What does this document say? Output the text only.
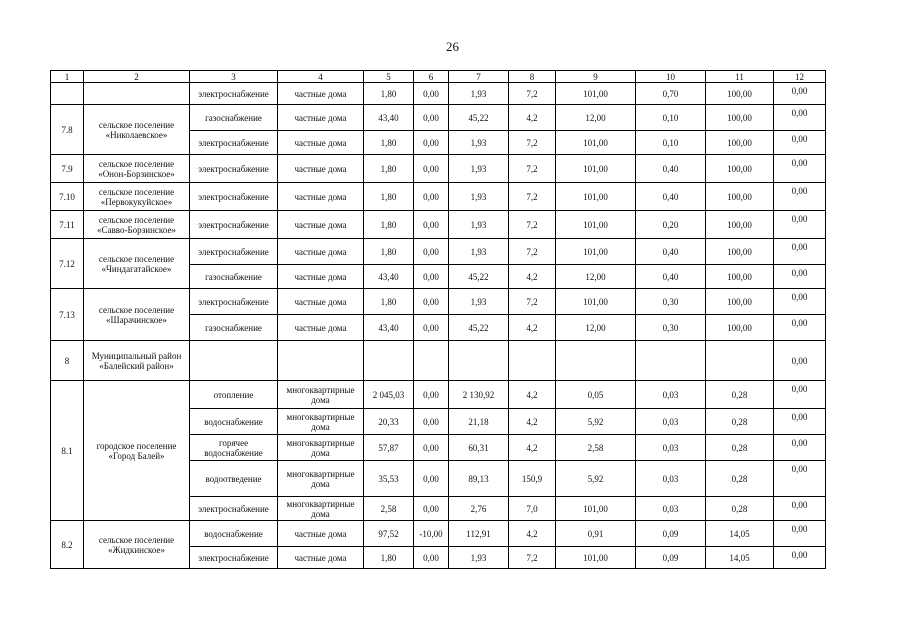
26
1	2	3	4	5	6	7	8	9	10	11	12
		электроснабжение	частные дома	1,80	0,00	1,93	7,2	101,00	0,70	100,00	0,00
7.8	сельское поселение «Николаевское»	газоснабжение	частные дома	43,40	0,00	45,22	4,2	12,00	0,10	100,00	0,00
		электроснабжение	частные дома	1,80	0,00	1,93	7,2	101,00	0,10	100,00	0,00
7.9	сельское поселение «Онон-Борзинское»	электроснабжение	частные дома	1,80	0,00	1,93	7,2	101,00	0,40	100,00	0,00
7.10	сельское поселение «Первокукуйское»	электроснабжение	частные дома	1,80	0,00	1,93	7,2	101,00	0,40	100,00	0,00
7.11	сельское поселение «Савво-Борзинское»	электроснабжение	частные дома	1,80	0,00	1,93	7,2	101,00	0,20	100,00	0,00
7.12	сельское поселение «Чиндагатайское»	электроснабжение	частные дома	1,80	0,00	1,93	7,2	101,00	0,40	100,00	0,00
		газоснабжение	частные дома	43,40	0,00	45,22	4,2	12,00	0,40	100,00	0,00
7.13	сельское поселение «Шарачинское»	электроснабжение	частные дома	1,80	0,00	1,93	7,2	101,00	0,30	100,00	0,00
		газоснабжение	частные дома	43,40	0,00	45,22	4,2	12,00	0,30	100,00	0,00
8	Муниципальный район «Балейский район»										0,00
8.1	городское поселение «Город Балей»	отопление	многоквартирные дома	2 045,03	0,00	2 130,92	4,2	0,05	0,03	0,28	0,00
		водоснабжение	многоквартирные дома	20,33	0,00	21,18	4,2	5,92	0,03	0,28	0,00
		горячее водоснабжение	многоквартирные дома	57,87	0,00	60,31	4,2	2,58	0,03	0,28	0,00
		водоотведение	многоквартирные дома	35,53	0,00	89,13	150,9	5,92	0,03	0,28	0,00
		электроснабжение	многоквартирные дома	2,58	0,00	2,76	7,0	101,00	0,03	0,28	0,00
8.2	сельское поселение «Жидкинское»	водоснабжение	частные дома	97,52	-10,00	112,91	4,2	0,91	0,09	14,05	0,00
		электроснабжение	частные дома	1,80	0,00	1,93	7,2	101,00	0,09	14,05	0,00
